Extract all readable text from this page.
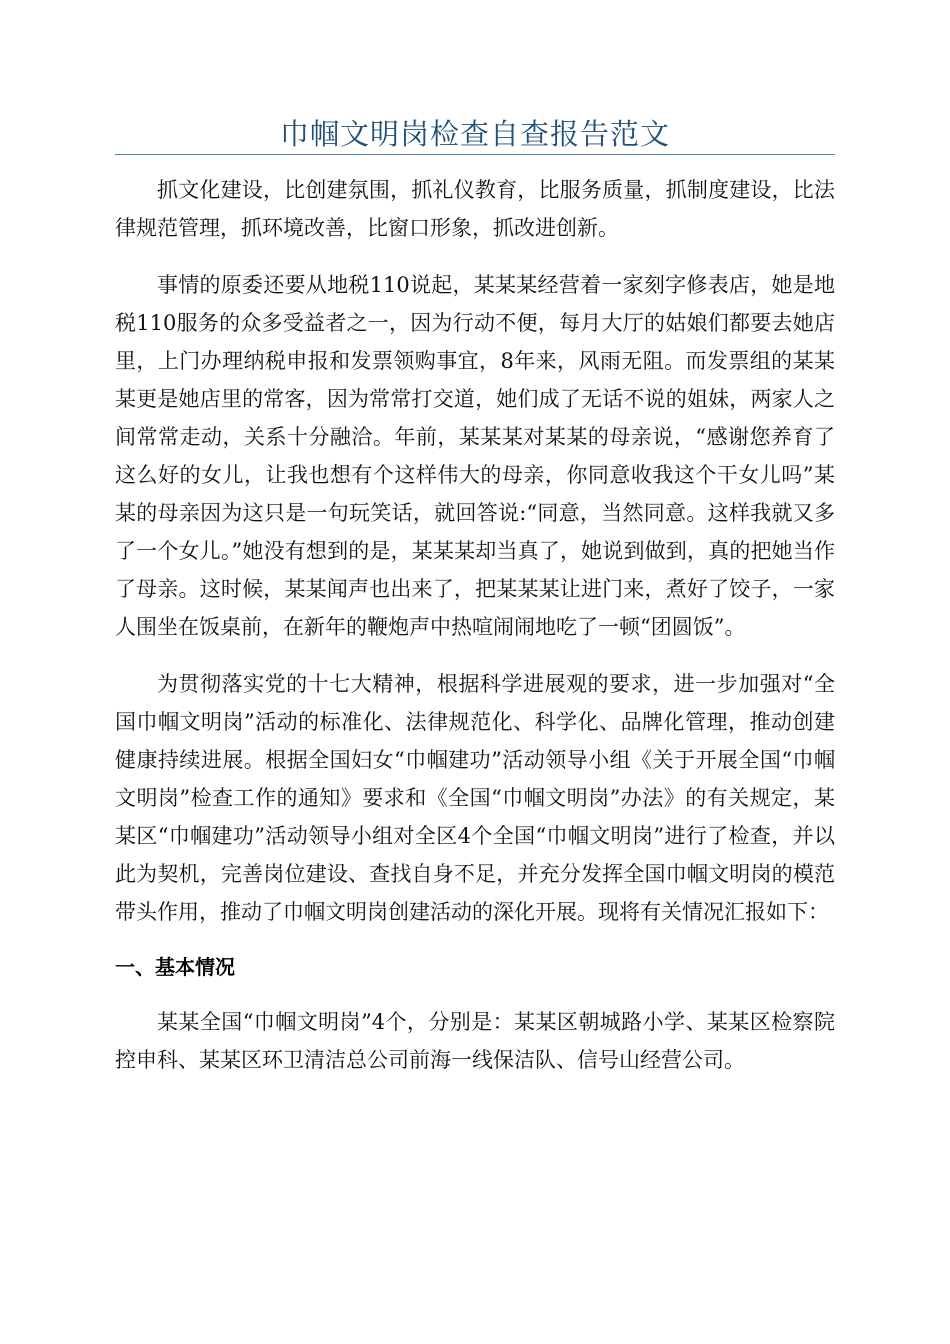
巾帼文明岗检查自查报告范文

抓文化建设，比创建氛围，抓礼仪教育，比服务质量，抓制度建设，比法律规范管理，抓环境改善，比窗口形象，抓改进创新。

事情的原委还要从地税110说起，某某某经营着一家刻字修表店，她是地税110服务的众多受益者之一，因为行动不便，每月大厅的姑娘们都要去她店里，上门办理纳税申报和发票领购事宜，8年来，风雨无阻。而发票组的某某某更是她店里的常客，因为常常打交道，她们成了无话不说的姐妹，两家人之间常常走动，关系十分融洽。年前，某某某对某某的母亲说，“感谢您养育了这么好的女儿，让我也想有个这样伟大的母亲，你同意收我这个干女儿吗”某某的母亲因为这只是一句玩笑话，就回答说:“同意，当然同意。这样我就又多了一个女儿。”她没有想到的是，某某某却当真了，她说到做到，真的把她当作了母亲。这时候，某某闻声也出来了，把某某某让进门来，煮好了饺子，一家人围坐在饭桌前，在新年的鞭炮声中热喧闹闹地吃了一顿“团圆饭”。

为贯彻落实党的十七大精神，根据科学进展观的要求，进一步加强对“全国巾帼文明岗”活动的标准化、法律规范化、科学化、品牌化管理，推动创建健康持续进展。根据全国妇女“巾帼建功”活动领导小组《关于开展全国“巾帼文明岗”检查工作的通知》要求和《全国“巾帼文明岗”办法》的有关规定，某某区“巾帼建功”活动领导小组对全区4个全国“巾帼文明岗”进行了检查，并以此为契机，完善岗位建设、查找自身不足，并充分发挥全国巾帼文明岗的模范带头作用，推动了巾帼文明岗创建活动的深化开展。现将有关情况汇报如下：

一、基本情况

某某全国“巾帼文明岗”4个，分别是：某某区朝城路小学、某某区检察院控申科、某某区环卫清洁总公司前海一线保洁队、信号山经营公司。
